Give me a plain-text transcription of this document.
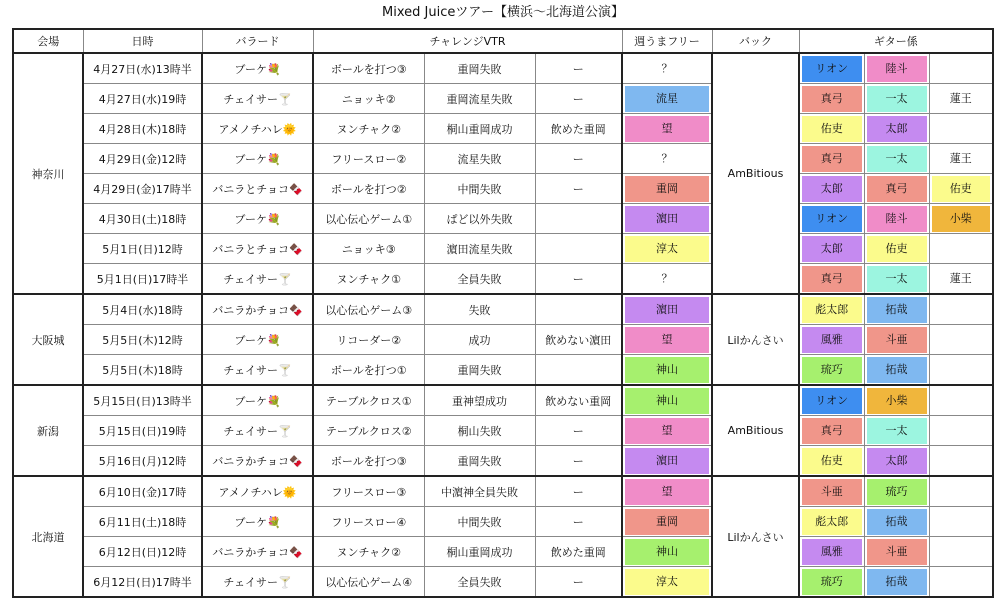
Mixed Juiceツアー【横浜〜北海道公演】
会場	日時	バラード	チャレンジVTR			週うまフリー	バック	ギター係		
神奈川	4月27日(水)13時半	ブーケ💐	ボールを打つ③	重岡失敗	ー	？	AmBitious	リオン	陸斗	

	4月27日(水)19時	チェイサー🍸	ニョッキ②	重岡流星失敗	ー	流星		真弓	一太	蓮王

	4月28日(木)18時	アメノチハレ🌞	ヌンチャク②	桐山重岡成功	飲めた重岡	望		佑吏	太郎	

	4月29日(金)12時	ブーケ💐	フリースロー②	流星失敗	ー	？		真弓	一太	蓮王

	4月29日(金)17時半	バニラとチョコ🍫	ボールを打つ②	中間失敗	ー	重岡		太郎	真弓	佑吏

	4月30日(土)18時	ブーケ💐	以心伝心ゲーム①	ぱど以外失敗		濵田		リオン	陸斗	小柴

	5月1日(日)12時	バニラとチョコ🍫	ニョッキ③	濵田流星失敗		淳太		太郎	佑吏	

	5月1日(日)17時半	チェイサー🍸	ヌンチャク①	全員失敗	ー	？		真弓	一太	蓮王

大阪城	5月4日(水)18時	バニラかチョコ🍫	以心伝心ゲーム③	失敗		濵田	Lilかんさい	彪太郎	拓哉	

	5月5日(木)12時	ブーケ💐	リコーダー②	成功	飲めない濵田	望		風雅	斗亜	

	5月5日(木)18時	チェイサー🍸	ボールを打つ①	重岡失敗		神山		琉巧	拓哉	

新潟	5月15日(日)13時半	ブーケ💐	テーブルクロス①	重神望成功	飲めない重岡	神山	AmBitious	リオン	小柴	

	5月15日(日)19時	チェイサー🍸	テーブルクロス②	桐山失敗	ー	望		真弓	一太	

	5月16日(月)12時	バニラかチョコ🍫	ボールを打つ③	重岡失敗	ー	濵田		佑吏	太郎	

北海道	6月10日(金)17時	アメノチハレ🌞	フリースロー③	中濵神全員失敗	ー	望	Lilかんさい	斗亜	琉巧	

	6月11日(土)18時	ブーケ💐	フリースロー④	中間失敗	ー	重岡		彪太郎	拓哉	

	6月12日(日)12時	バニラかチョコ🍫	ヌンチャク②	桐山重岡成功	飲めた重岡	神山		風雅	斗亜	

	6月12日(日)17時半	チェイサー🍸	以心伝心ゲーム④	全員失敗	ー	淳太		琉巧	拓哉	
